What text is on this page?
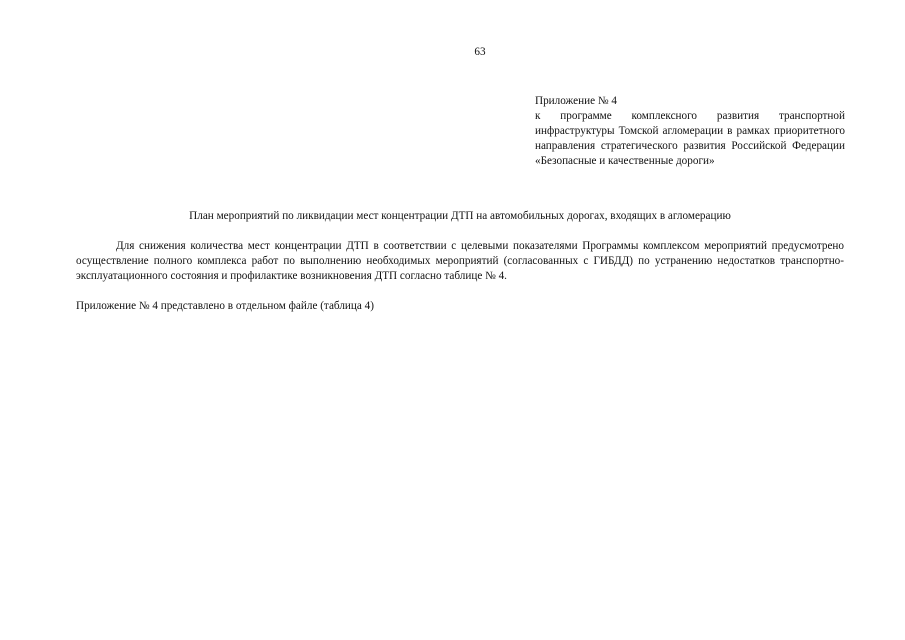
63

Приложение № 4

к программе комплексного развития транспортной инфраструктуры Томской агломерации в рамках приоритетного направления стратегического развития Российской Федерации «Безопасные и качественные дороги»

План мероприятий по ликвидации мест концентрации ДТП на автомобильных дорогах, входящих в агломерацию

Для снижения количества мест концентрации ДТП в соответствии с целевыми показателями Программы комплексом мероприятий предусмотрено осуществление полного комплекса работ по выполнению необходимых мероприятий (согласованных с ГИБДД) по устранению недостатков транспортно-эксплуатационного состояния и профилактике возникновения ДТП согласно таблице № 4.

Приложение № 4 представлено в отдельном файле (таблица 4)
